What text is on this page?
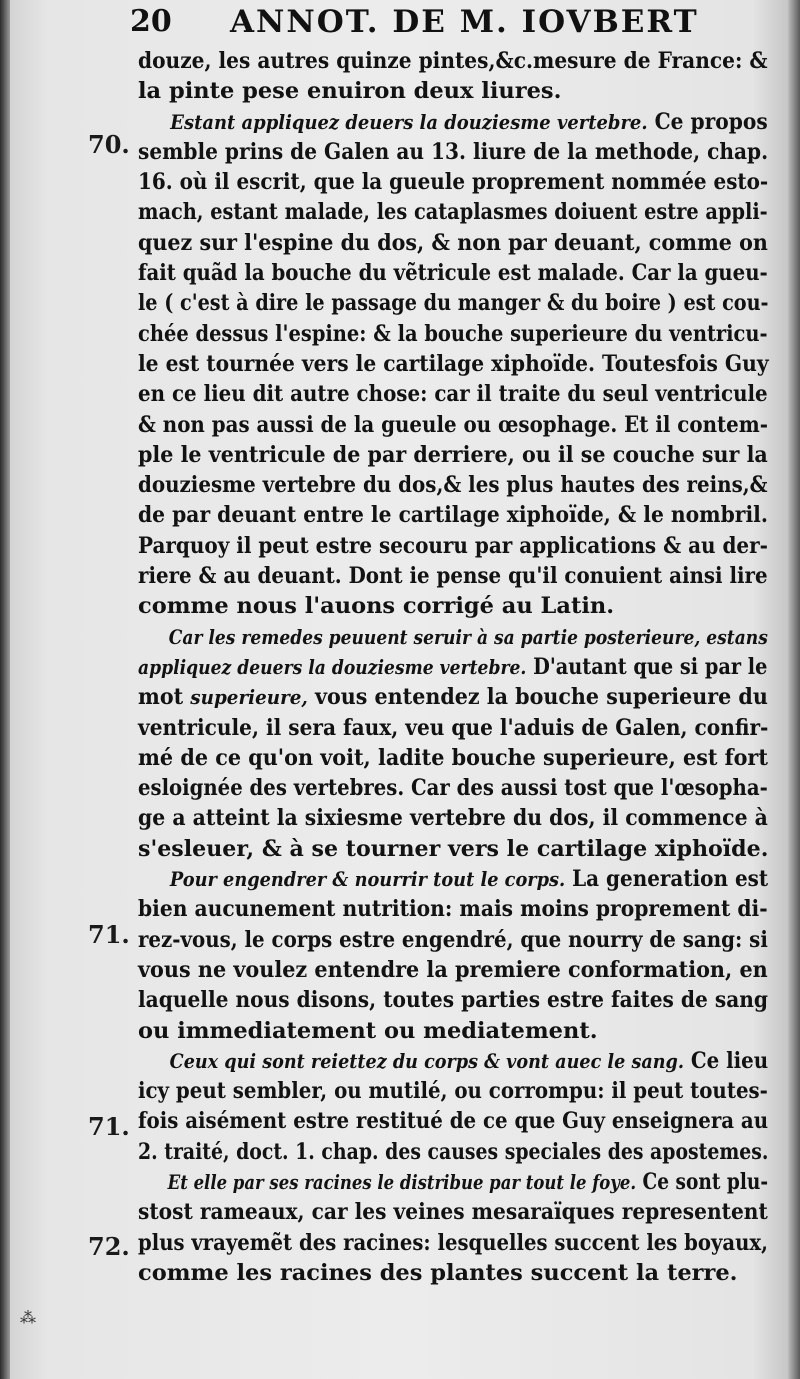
20 ANNOT. DE M. IOVBERT
70.
71.
71.
72.
douze, les autres quinze pintes,&c.mesure de France: &
la pinte pese enuiron deux liures.
Estant appliquez deuers la douziesme vertebre. Ce propos
semble prins de Galen au 13. liure de la methode, chap.
16. où il escrit, que la gueule proprement nommée esto-
mach, estant malade, les cataplasmes doiuent estre appli-
quez sur l'espine du dos, & non par deuant, comme on
fait quãd la bouche du vẽtricule est malade. Car la gueu-
le ( c'est à dire le passage du manger & du boire ) est cou-
chée dessus l'espine: & la bouche superieure du ventricu-
le est tournée vers le cartilage xiphoïde. Toutesfois Guy
en ce lieu dit autre chose: car il traite du seul ventricule
& non pas aussi de la gueule ou œsophage. Et il contem-
ple le ventricule de par derriere, ou il se couche sur la
douziesme vertebre du dos,& les plus hautes des reins,&
de par deuant entre le cartilage xiphoïde, & le nombril.
Parquoy il peut estre secouru par applications & au der-
riere & au deuant. Dont ie pense qu'il conuient ainsi lire
comme nous l'auons corrigé au Latin.
Car les remedes peuuent seruir à sa partie posterieure, estans
appliquez deuers la douziesme vertebre. D'autant que si par le
mot superieure, vous entendez la bouche superieure du
ventricule, il sera faux, veu que l'aduis de Galen, confir-
mé de ce qu'on voit, ladite bouche superieure, est fort
esloignée des vertebres. Car des aussi tost que l'œsopha-
ge a atteint la sixiesme vertebre du dos, il commence à
s'esleuer, & à se tourner vers le cartilage xiphoïde.
Pour engendrer & nourrir tout le corps. La generation est
bien aucunement nutrition: mais moins proprement di-
rez-vous, le corps estre engendré, que nourry de sang: si
vous ne voulez entendre la premiere conformation, en
laquelle nous disons, toutes parties estre faites de sang
ou immediatement ou mediatement.
Ceux qui sont reiettez du corps & vont auec le sang. Ce lieu
icy peut sembler, ou mutilé, ou corrompu: il peut toutes-
fois aisément estre restitué de ce que Guy enseignera au
2. traité, doct. 1. chap. des causes speciales des apostemes.
Et elle par ses racines le distribue par tout le foye. Ce sont plu-
stost rameaux, car les veines mesaraïques representent
plus vrayemẽt des racines: lesquelles succent les boyaux,
comme les racines des plantes succent la terre.
⁂
